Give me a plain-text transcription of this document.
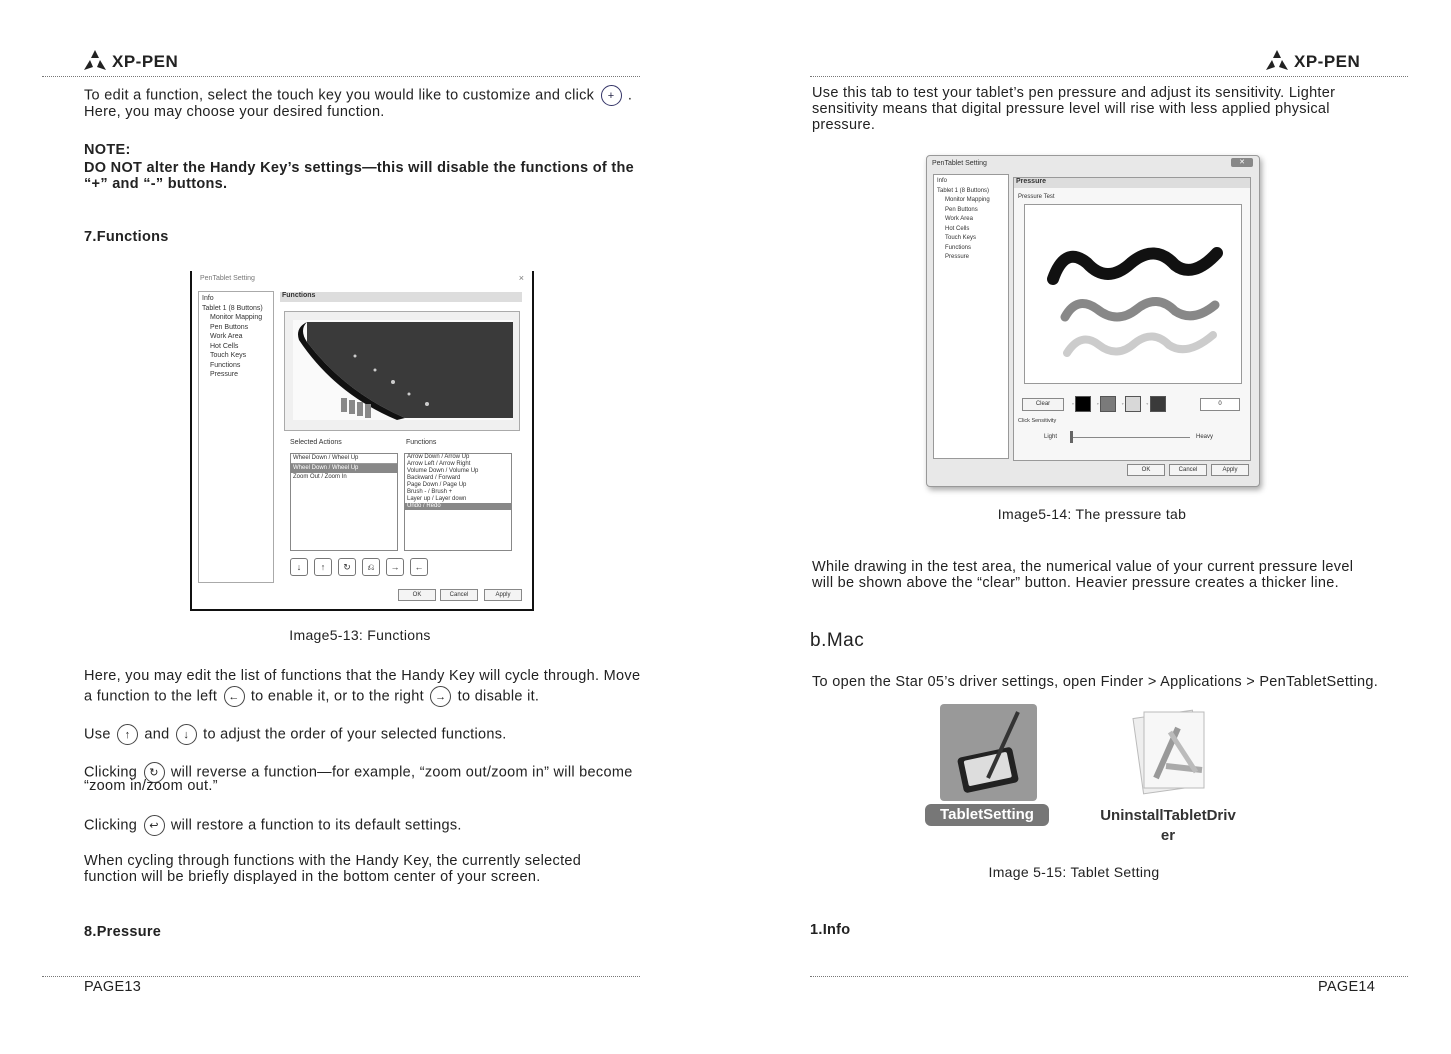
XP-PEN

To edit a function, select the touch key you would like to customize and click + .

Here, you may choose your desired function.

NOTE:

DO NOT alter the Handy Key’s settings—this will disable the functions of the

“+” and “-” buttons.

7.Functions

PenTablet Setting	×
Info
Tablet 1 (8 Buttons)
Monitor Mapping
Pen Buttons
Work Area
Hot Cells
Touch Keys
Functions
Pressure
Functions
Selected Actions	Functions
Wheel Down / Wheel Up
Wheel Down / Wheel Up
Zoom Out / Zoom In
Arrow Down / Arrow Up
Arrow Left / Arrow Right
Volume Down / Volume Up
Backward / Forward
Page Down / Page Up
Brush - / Brush +
Layer up / Layer down
Undo / Redo
↓	↑	↻	⎌	→	←
OK	Cancel	Apply
Image5-13: Functions

Here, you may edit the list of functions that the Handy Key will cycle through. Move

a function to the left ← to enable it, or to the right → to disable it.

Use ↑ and ↓ to adjust the order of your selected functions.

Clicking ↻ will reverse a function—for example, “zoom out/zoom in” will become

“zoom in/zoom out.”

Clicking ↩ will restore a function to its default settings.

When cycling through functions with the Handy Key, the currently selected

function will be briefly displayed in the bottom center of your screen.

8.Pressure

PAGE13
XP-PEN

Use this tab to test your tablet’s pen pressure and adjust its sensitivity. Lighter

sensitivity means that digital pressure level will rise with less applied physical

pressure.

PenTablet Setting	✕
Info
Tablet 1 (8 Buttons)
Monitor Mapping
Pen Buttons
Work Area
Hot Cells
Touch Keys
Functions
Pressure
Pressure
Pressure Test
Clear	◦	◦	◦	◦	0
Click Sensitivity
Light	Heavy
OK	Cancel	Apply
Image5-14: The pressure tab

While drawing in the test area, the numerical value of your current pressure level

will be shown above the “clear” button. Heavier pressure creates a thicker line.

b.Mac

To open the Star 05’s driver settings, open Finder > Applications > PenTabletSetting.

TabletSetting	UninstallTabletDriv
er
Image 5-15: Tablet Setting

1.Info

PAGE14
